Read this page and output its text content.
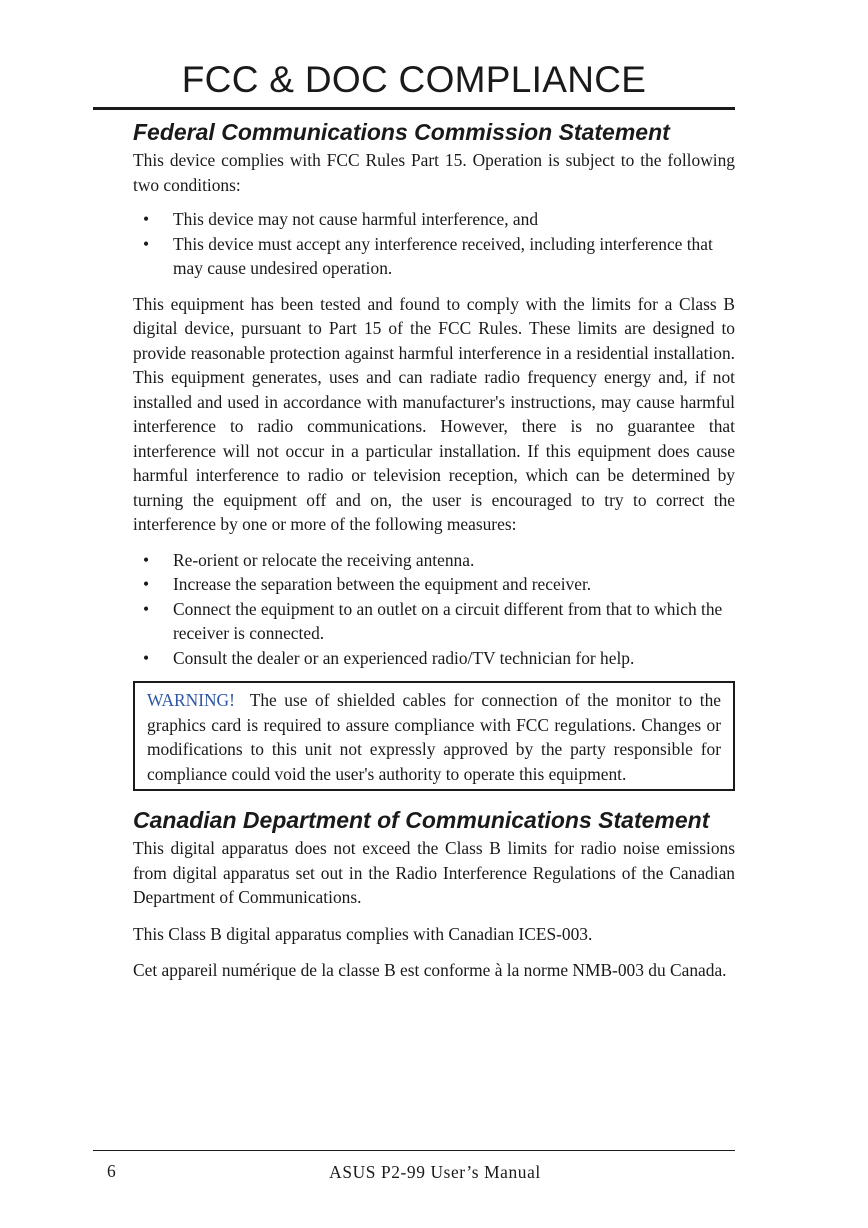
FCC & DOC COMPLIANCE
Federal Communications Commission Statement

This device complies with FCC Rules Part 15. Operation is subject to the following two conditions:

• This device may not cause harmful interference, and
• This device must accept any interference received, including interference that may cause undesired operation.

This equipment has been tested and found to comply with the limits for a Class B digital device, pursuant to Part 15 of the FCC Rules. These limits are designed to provide reasonable protection against harmful interference in a residential installation. This equipment generates, uses and can radiate radio frequency energy and, if not installed and used in accordance with manufacturer's instructions, may cause harmful interference to radio communications. However, there is no guarantee that interference will not occur in a particular installation. If this equipment does cause harmful interference to radio or television reception, which can be determined by turning the equipment off and on, the user is encouraged to try to correct the interference by one or more of the following measures:

• Re-orient or relocate the receiving antenna.
• Increase the separation between the equipment and receiver.
• Connect the equipment to an outlet on a circuit different from that to which the receiver is connected.
• Consult the dealer or an experienced radio/TV technician for help.
WARNING! The use of shielded cables for connection of the monitor to the graphics card is required to assure compliance with FCC regulations. Changes or modifications to this unit not expressly approved by the party responsible for compliance could void the user's authority to operate this equipment.
Canadian Department of Communications Statement

This digital apparatus does not exceed the Class B limits for radio noise emissions from digital apparatus set out in the Radio Interference Regulations of the Canadian Department of Communications.

This Class B digital apparatus complies with Canadian ICES-003.

Cet appareil numérique de la classe B est conforme à la norme NMB-003 du Canada.

6	ASUS P2-99 User’s Manual
